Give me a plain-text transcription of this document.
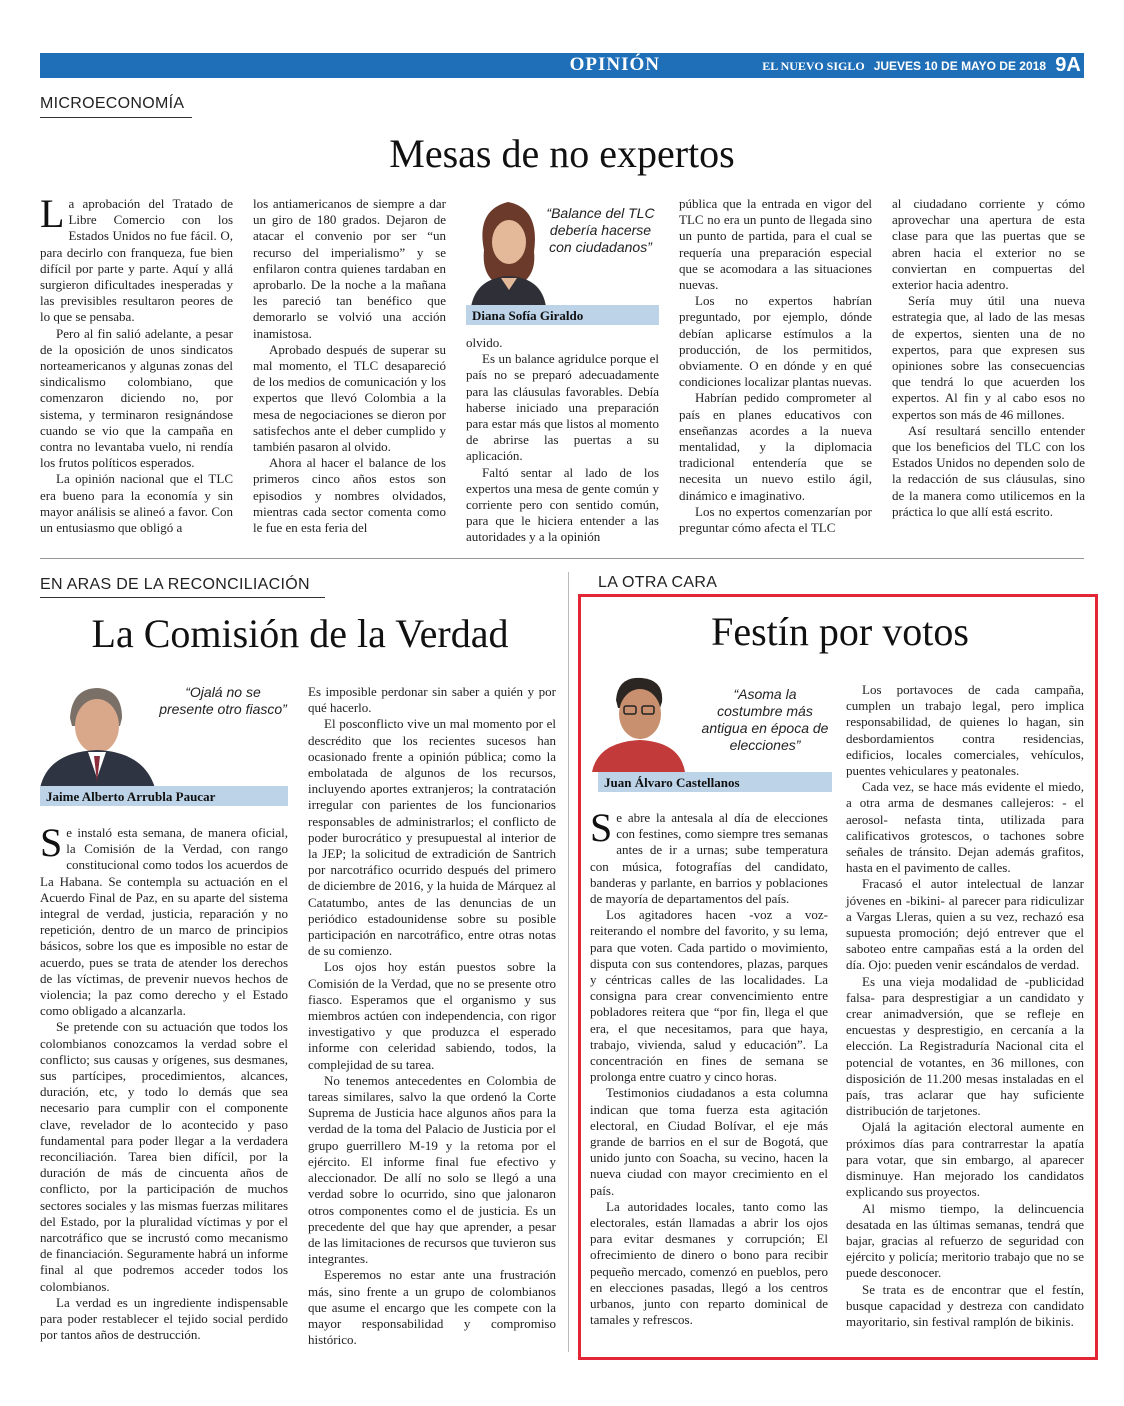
OPINIÓN	EL NUEVO SIGLO JUEVES 10 DE MAYO DE 2018 9A
MICROECONOMÍA
Mesas de no expertos

La aprobación del Tratado de Libre Comercio con los Estados Unidos no fue fácil. O, para decirlo con franqueza, fue bien difícil por parte y parte. Aquí y allá surgieron dificultades inesperadas y las previsibles resultaron peores de lo que se pensaba.

Pero al fin salió adelante, a pesar de la oposición de unos sindicatos norteamericanos y algunas zonas del sindicalismo colombiano, que comenzaron diciendo no, por sistema, y terminaron resignándose cuando se vio que la campaña en contra no levantaba vuelo, ni rendía los frutos políticos esperados.

La opinión nacional que el TLC era bueno para la economía y sin mayor análisis se alineó a favor. Con un entusiasmo que obligó a

los antiamericanos de siempre a dar un giro de 180 grados. Dejaron de atacar el convenio por ser “un recurso del imperialismo” y se enfilaron contra quienes tardaban en aprobarlo. De la noche a la mañana les pareció tan benéfico que demorarlo se volvió una acción inamistosa.

Aprobado después de superar su mal momento, el TLC desapareció de los medios de comunicación y los expertos que llevó Colombia a la mesa de negociaciones se dieron por satisfechos ante el deber cumplido y también pasaron al olvido.

Ahora al hacer el balance de los primeros cinco años estos son episodios y nombres olvidados, mientras cada sector comenta como le fue en esta feria del

“Balance del TLC debería hacerse con ciudadanos”
Diana Sofía Giraldo

olvido.

Es un balance agridulce porque el país no se preparó adecuadamente para las cláusulas favorables. Debía haberse iniciado una preparación para estar más que listos al momento de abrirse las puertas a su aplicación.

Faltó sentar al lado de los expertos una mesa de gente común y corriente pero con sentido común, para que le hiciera entender a las autoridades y a la opinión

pública que la entrada en vigor del TLC no era un punto de llegada sino un punto de partida, para el cual se requería una preparación especial que se acomodara a las situaciones nuevas.

Los no expertos habrían preguntado, por ejemplo, dónde debían aplicarse estímulos a la producción, de los permitidos, obviamente. O en dónde y en qué condiciones localizar plantas nuevas.

Habrían pedido comprometer al país en planes educativos con enseñanzas acordes a la nueva mentalidad, y la diplomacia tradicional entendería que se necesita un nuevo estilo ágil, dinámico e imaginativo.

Los no expertos comenzarían por preguntar cómo afecta el TLC

al ciudadano corriente y cómo aprovechar una apertura de esta clase para que las puertas que se abren hacia el exterior no se conviertan en compuertas del exterior hacia adentro.

Sería muy útil una nueva estrategia que, al lado de las mesas de expertos, sienten una de no expertos, para que expresen sus opiniones sobre las consecuencias que tendrá lo que acuerden los expertos. Al fin y al cabo esos no expertos son más de 46 millones.

Así resultará sencillo entender que los beneficios del TLC con los Estados Unidos no dependen solo de la redacción de sus cláusulas, sino de la manera como utilicemos en la práctica lo que allí está escrito.

EN ARAS DE LA RECONCILIACIÓN
La Comisión de la Verdad
“Ojalá no se presente otro fiasco”
Jaime Alberto Arrubla Paucar

Se instaló esta semana, de manera oficial, la Comisión de la Verdad, con rango constitucional como todos los acuerdos de La Habana. Se contempla su actuación en el Acuerdo Final de Paz, en su aparte del sistema integral de verdad, justicia, reparación y no repetición, dentro de un marco de principios básicos, sobre los que es imposible no estar de acuerdo, pues se trata de atender los derechos de las víctimas, de prevenir nuevos hechos de violencia; la paz como derecho y el Estado como obligado a alcanzarla.

Se pretende con su actuación que todos los colombianos conozcamos la verdad sobre el conflicto; sus causas y orígenes, sus desmanes, sus partícipes, procedimientos, alcances, duración, etc, y todo lo demás que sea necesario para cumplir con el componente clave, revelador de lo acontecido y paso fundamental para poder llegar a la verdadera reconciliación. Tarea bien difícil, por la duración de más de cincuenta años de conflicto, por la participación de muchos sectores sociales y las mismas fuerzas militares del Estado, por la pluralidad víctimas y por el narcotráfico que se incrustó como mecanismo de financiación. Seguramente habrá un informe final al que podremos acceder todos los colombianos.

La verdad es un ingrediente indispensable para poder restablecer el tejido social perdido por tantos años de destrucción.

Es imposible perdonar sin saber a quién y por qué hacerlo.

El posconflicto vive un mal momento por el descrédito que los recientes sucesos han ocasionado frente a opinión pública; como la embolatada de algunos de los recursos, incluyendo aportes extranjeros; la contratación irregular con parientes de los funcionarios responsables de administrarlos; el conflicto de poder burocrático y presupuestal al interior de la JEP; la solicitud de extradición de Santrich por narcotráfico ocurrido después del primero de diciembre de 2016, y la huida de Márquez al Catatumbo, antes de las denuncias de un periódico estadounidense sobre su posible participación en narcotráfico, entre otras notas de su comienzo.

Los ojos hoy están puestos sobre la Comisión de la Verdad, que no se presente otro fiasco. Esperamos que el organismo y sus miembros actúen con independencia, con rigor investigativo y que produzca el esperado informe con celeridad sabiendo, todos, la complejidad de su tarea.

No tenemos antecedentes en Colombia de tareas similares, salvo la que ordenó la Corte Suprema de Justicia hace algunos años para la verdad de la toma del Palacio de Justicia por el grupo guerrillero M-19 y la retoma por el ejército. El informe final fue efectivo y aleccionador. De allí no solo se llegó a una verdad sobre lo ocurrido, sino que jalonaron otros componentes como el de justicia. Es un precedente del que hay que aprender, a pesar de las limitaciones de recursos que tuvieron sus integrantes.

Esperemos no estar ante una frustración más, sino frente a un grupo de colombianos que asume el encargo que les compete con la mayor responsabilidad y compromiso histórico.

LA OTRA CARA
Festín por votos
“Asoma la costumbre más antigua en época de elecciones”
Juan Álvaro Castellanos

Se abre la antesala al día de elecciones con festines, como siempre tres semanas antes de ir a urnas; sube temperatura con música, fotografías del candidato, banderas y parlante, en barrios y poblaciones de mayoría de departamentos del país.

Los agitadores hacen -voz a voz- reiterando el nombre del favorito, y su lema, para que voten. Cada partido o movimiento, disputa con sus contendores, plazas, parques y céntricas calles de las localidades. La consigna para crear convencimiento entre pobladores reitera que “por fin, llega el que era, el que necesitamos, para que haya, trabajo, vivienda, salud y educación”. La concentración en fines de semana se prolonga entre cuatro y cinco horas.

Testimonios ciudadanos a esta columna indican que toma fuerza esta agitación electoral, en Ciudad Bolívar, el eje más grande de barrios en el sur de Bogotá, que unido junto con Soacha, su vecino, hacen la nueva ciudad con mayor crecimiento en el país.

La autoridades locales, tanto como las electorales, están llamadas a abrir los ojos para evitar desmanes y corrupción; El ofrecimiento de dinero o bono para recibir pequeño mercado, comenzó en pueblos, pero en elecciones pasadas, llegó a los centros urbanos, junto con reparto dominical de tamales y refrescos.

Los portavoces de cada campaña, cumplen un trabajo legal, pero implica responsabilidad, de quienes lo hagan, sin desbordamientos contra residencias, edificios, locales comerciales, vehículos, puentes vehiculares y peatonales.

Cada vez, se hace más evidente el miedo, a otra arma de desmanes callejeros: - el aerosol- nefasta tinta, utilizada para calificativos grotescos, o tachones sobre señales de tránsito. Dejan además grafitos, hasta en el pavimento de calles.

Fracasó el autor intelectual de lanzar jóvenes en -bikini- al parecer para ridiculizar a Vargas Lleras, quien a su vez, rechazó esa supuesta promoción; dejó entrever que el saboteo entre campañas está a la orden del día. Ojo: pueden venir escándalos de verdad.

Es una vieja modalidad de -publicidad falsa- para desprestigiar a un candidato y crear animadversión, que se refleje en encuestas y desprestigio, en cercanía a la elección. La Registraduría Nacional cita el potencial de votantes, en 36 millones, con disposición de 11.200 mesas instaladas en el país, tras aclarar que hay suficiente distribución de tarjetones.

Ojalá la agitación electoral aumente en próximos días para contrarrestar la apatía para votar, que sin embargo, al aparecer disminuye. Han mejorado los candidatos explicando sus proyectos.

Al mismo tiempo, la delincuencia desatada en las últimas semanas, tendrá que bajar, gracias al refuerzo de seguridad con ejército y policía; meritorio trabajo que no se puede desconocer.

Se trata es de encontrar que el festín, busque capacidad y destreza con candidato mayoritario, sin festival ramplón de bikinis.
